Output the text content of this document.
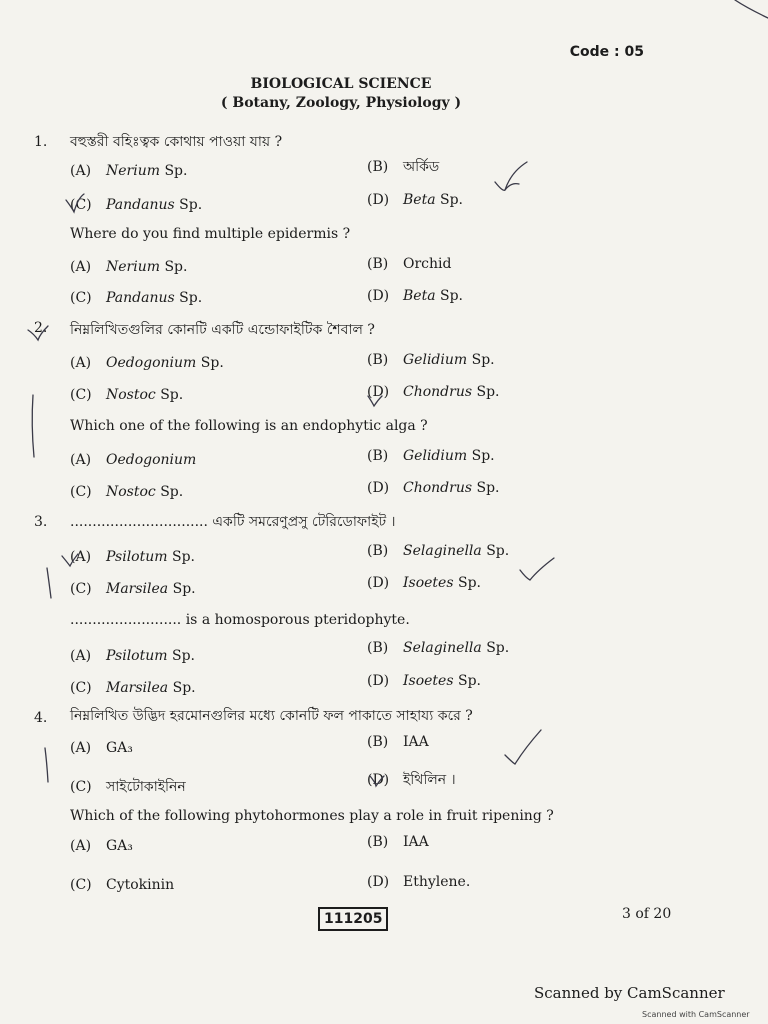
Code : 05
BIOLOGICAL SCIENCE
( Botany, Zoology, Physiology )
1. বহুস্তরী বহিঃত্বক কোথায় পাওয়া যায় ?
(A) Nerium Sp.	(B) অর্কিড
(C) Pandanus Sp.	(D) Beta Sp.
Where do you find multiple epidermis ?
(A) Nerium Sp.	(B) Orchid
(C) Pandanus Sp.	(D) Beta Sp.
2. নিম্নলিখিতগুলির কোনটি একটি এন্ডোফাইটিক শৈবাল ?
(A) Oedogonium Sp.	(B) Gelidium Sp.
(C) Nostoc Sp.	(D) Chondrus Sp.
Which one of the following is an endophytic alga ?
(A) Oedogonium	(B) Gelidium Sp.
(C) Nostoc Sp.	(D) Chondrus Sp.
3. ............................... একটি সমরেণুপ্রসু টেরিডোফাইট ।
(A) Psilotum Sp.	(B) Selaginella Sp.
(C) Marsilea Sp.	(D) Isoetes Sp.
......................... is a homosporous pteridophyte.
(A) Psilotum Sp.	(B) Selaginella Sp.
(C) Marsilea Sp.	(D) Isoetes Sp.
4. নিম্নলিখিত উদ্ভিদ হরমোনগুলির মধ্যে কোনটি ফল পাকাতে সাহায্য করে ?
(A) GA₃	(B) IAA
(C) সাইটোকাইনিন	(D) ইথিলিন ।
Which of the following phytohormones play a role in fruit ripening ?
(A) GA₃	(B) IAA
(C) Cytokinin	(D) Ethylene.
111205	3 of 20
Scanned by CamScanner
Scanned with CamScanner
